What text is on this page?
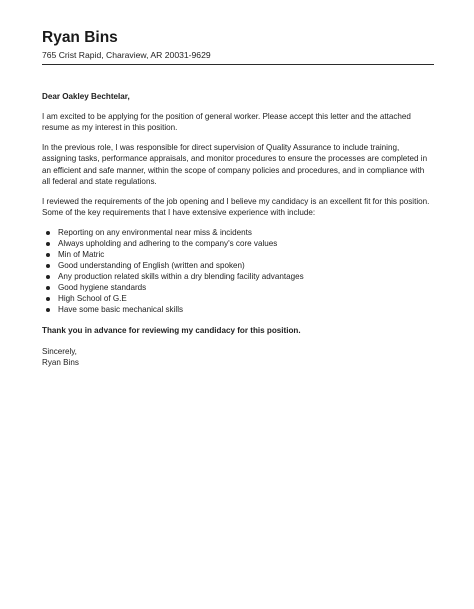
Ryan Bins

765 Crist Rapid, Charaview, AR 20031-9629

Dear Oakley Bechtelar,

I am excited to be applying for the position of general worker. Please accept this letter and the attached resume as my interest in this position.

In the previous role, I was responsible for direct supervision of Quality Assurance to include training, assigning tasks, performance appraisals, and monitor procedures to ensure the processes are completed in an efficient and safe manner, within the scope of company policies and procedures, and in compliance with all federal and state regulations.

I reviewed the requirements of the job opening and I believe my candidacy is an excellent fit for this position. Some of the key requirements that I have extensive experience with include:

Reporting on any environmental near miss & incidents
Always upholding and adhering to the company's core values
Min of Matric
Good understanding of English (written and spoken)
Any production related skills within a dry blending facility advantages
Good hygiene standards
High School of G.E
Have some basic mechanical skills

Thank you in advance for reviewing my candidacy for this position.

Sincerely,

Ryan Bins
